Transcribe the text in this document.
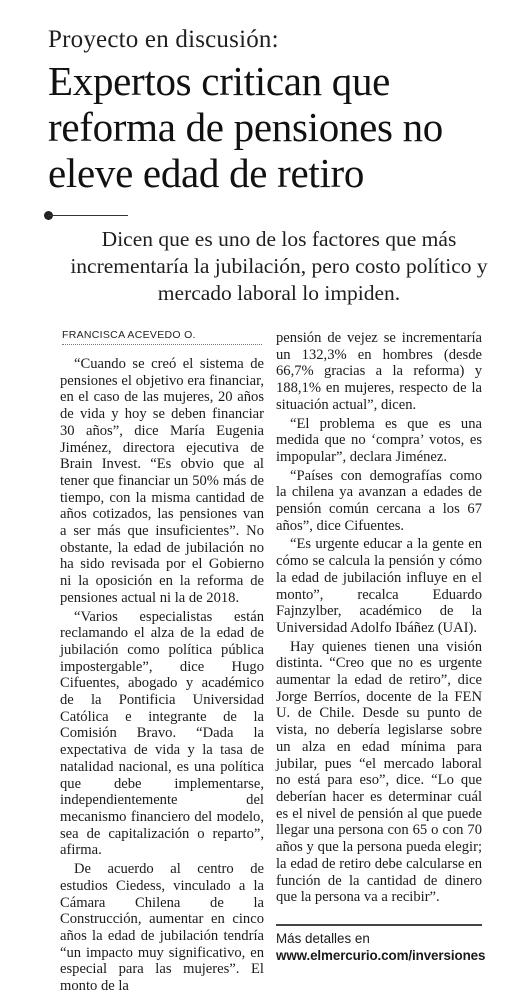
Proyecto en discusión:
Expertos critican que reforma de pensiones no eleve edad de retiro
Dicen que es uno de los factores que más incrementaría la jubilación, pero costo político y mercado laboral lo impiden.
FRANCISCA ACEVEDO O.

“Cuando se creó el sistema de pensiones el objetivo era financiar, en el caso de las mujeres, 20 años de vida y hoy se deben financiar 30 años”, dice María Eugenia Jiménez, directora ejecutiva de Brain Invest. “Es obvio que al tener que financiar un 50% más de tiempo, con la misma cantidad de años cotizados, las pensiones van a ser más que insuficientes”. No obstante, la edad de jubilación no ha sido revisada por el Gobierno ni la oposición en la reforma de pensiones actual ni la de 2018.

“Varios especialistas están reclamando el alza de la edad de jubilación como política pública impostergable”, dice Hugo Cifuentes, abogado y académico de la Pontificia Universidad Católica e integrante de la Comisión Bravo. “Dada la expectativa de vida y la tasa de natalidad nacional, es una política que debe implementarse, independientemente del mecanismo financiero del modelo, sea de capitalización o reparto”, afirma.

De acuerdo al centro de estudios Ciedess, vinculado a la Cámara Chilena de la Construcción, aumentar en cinco años la edad de jubilación tendría “un impacto muy significativo, en especial para las mujeres”. El monto de la

pensión de vejez se incrementaría un 132,3% en hombres (desde 66,7% gracias a la reforma) y 188,1% en mujeres, respecto de la situación actual”, dicen.

“El problema es que es una medida que no ‘compra’ votos, es impopular”, declara Jiménez.

“Países con demografías como la chilena ya avanzan a edades de pensión común cercana a los 67 años”, dice Cifuentes.

“Es urgente educar a la gente en cómo se calcula la pensión y cómo la edad de jubilación influye en el monto”, recalca Eduardo Fajnzylber, académico de la Universidad Adolfo Ibáñez (UAI).

Hay quienes tienen una visión distinta. “Creo que no es urgente aumentar la edad de retiro”, dice Jorge Berríos, docente de la FEN U. de Chile. Desde su punto de vista, no debería legislarse sobre un alza en edad mínima para jubilar, pues “el mercado laboral no está para eso”, dice. “Lo que deberían hacer es determinar cuál es el nivel de pensión al que puede llegar una persona con 65 o con 70 años y que la persona pueda elegir; la edad de retiro debe calcularse en función de la cantidad de dinero que la persona va a recibir”.

Más detalles en
www.elmercurio.com/inversiones
